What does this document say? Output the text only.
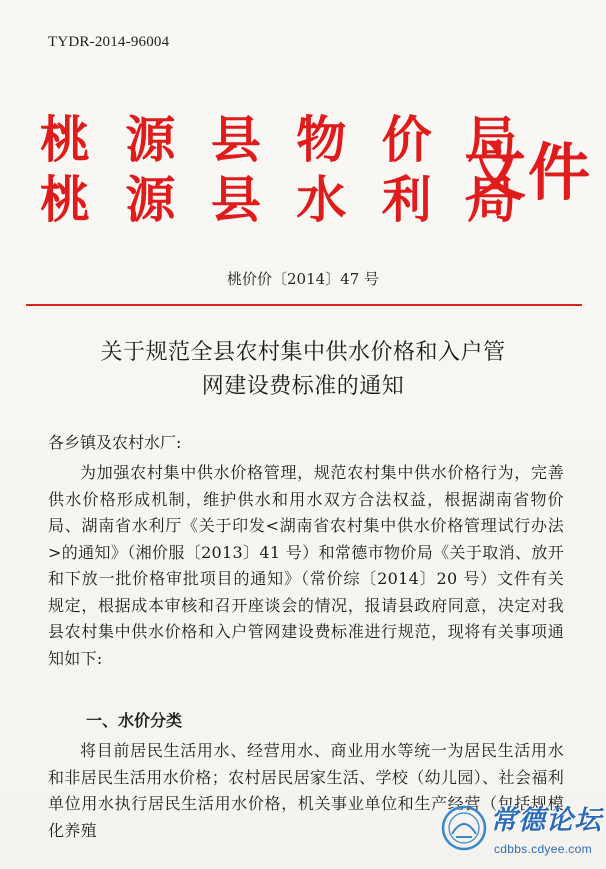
TYDR-2014-96004
桃 源 县 物 价 局
桃 源 县 水 利 局
文件
桃价价〔2014〕47 号
关于规范全县农村集中供水价格和入户管
网建设费标准的通知
各乡镇及农村水厂:
为加强农村集中供水价格管理，规范农村集中供水价格行为，完善供水价格形成机制，维护供水和用水双方合法权益，根据湖南省物价局、湖南省水利厅《关于印发<湖南省农村集中供水价格管理试行办法>的通知》（湘价服〔2013〕41 号）和常德市物价局《关于取消、放开和下放一批价格审批项目的通知》（常价综〔2014〕20 号）文件有关规定，根据成本审核和召开座谈会的情况，报请县政府同意，决定对我县农村集中供水价格和入户管网建设费标准进行规范，现将有关事项通知如下:
一、水价分类
将目前居民生活用水、经营用水、商业用水等统一为居民生活用水和非居民生活用水价格；农村居民居家生活、学校（幼儿园）、社会福利单位用水执行居民生活用水价格，机关事业单位和生产经营（包括规模化养殖	常德论坛
cdbbs.cdyee.com
